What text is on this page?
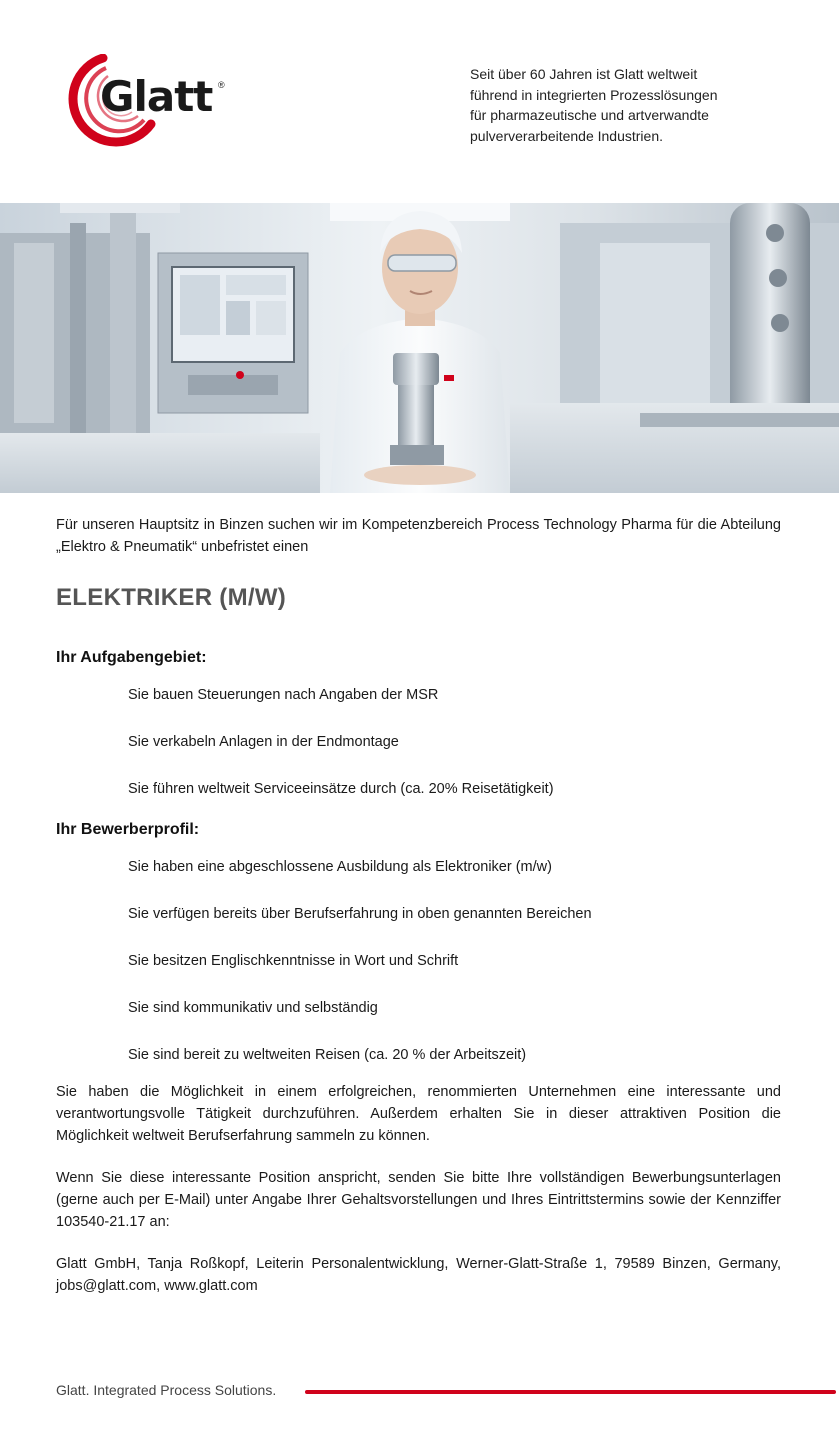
Glatt ®
Seit über 60 Jahren ist Glatt weltweit
führend in integrierten Prozesslösungen
für pharmazeutische und artverwandte
pulververarbeitende Industrien.

Für unseren Hauptsitz in Binzen suchen wir im Kompetenzbereich Process Technology Pharma für die Abteilung „Elektro & Pneumatik“ unbefristet einen

ELEKTRIKER (M/W)
Ihr Aufgabengebiet:
Sie bauen Steuerungen nach Angaben der MSR
Sie verkabeln Anlagen in der Endmontage
Sie führen weltweit Serviceeinsätze durch (ca. 20% Reisetätigkeit)
Ihr Bewerberprofil:
Sie haben eine abgeschlossene Ausbildung als Elektroniker (m/w)
Sie verfügen bereits über Berufserfahrung in oben genannten Bereichen
Sie besitzen Englischkenntnisse in Wort und Schrift
Sie sind kommunikativ und selbständig
Sie sind bereit zu weltweiten Reisen (ca. 20 % der Arbeitszeit)

Sie haben die Möglichkeit in einem erfolgreichen, renommierten Unternehmen eine interessante und verantwortungsvolle Tätigkeit durchzuführen. Außerdem erhalten Sie in dieser attraktiven Position die Möglichkeit weltweit Berufserfahrung sammeln zu können.

Wenn Sie diese interessante Position anspricht, senden Sie bitte Ihre vollständigen Bewerbungsunterlagen (gerne auch per E-Mail) unter Angabe Ihrer Gehaltsvorstellungen und Ihres Eintrittstermins sowie der Kennziffer 103540-21.17 an:

Glatt GmbH, Tanja Roßkopf, Leiterin Personalentwicklung, Werner-Glatt-Straße 1, 79589 Binzen, Germany, jobs@glatt.com, www.glatt.com

Glatt. Integrated Process Solutions.
